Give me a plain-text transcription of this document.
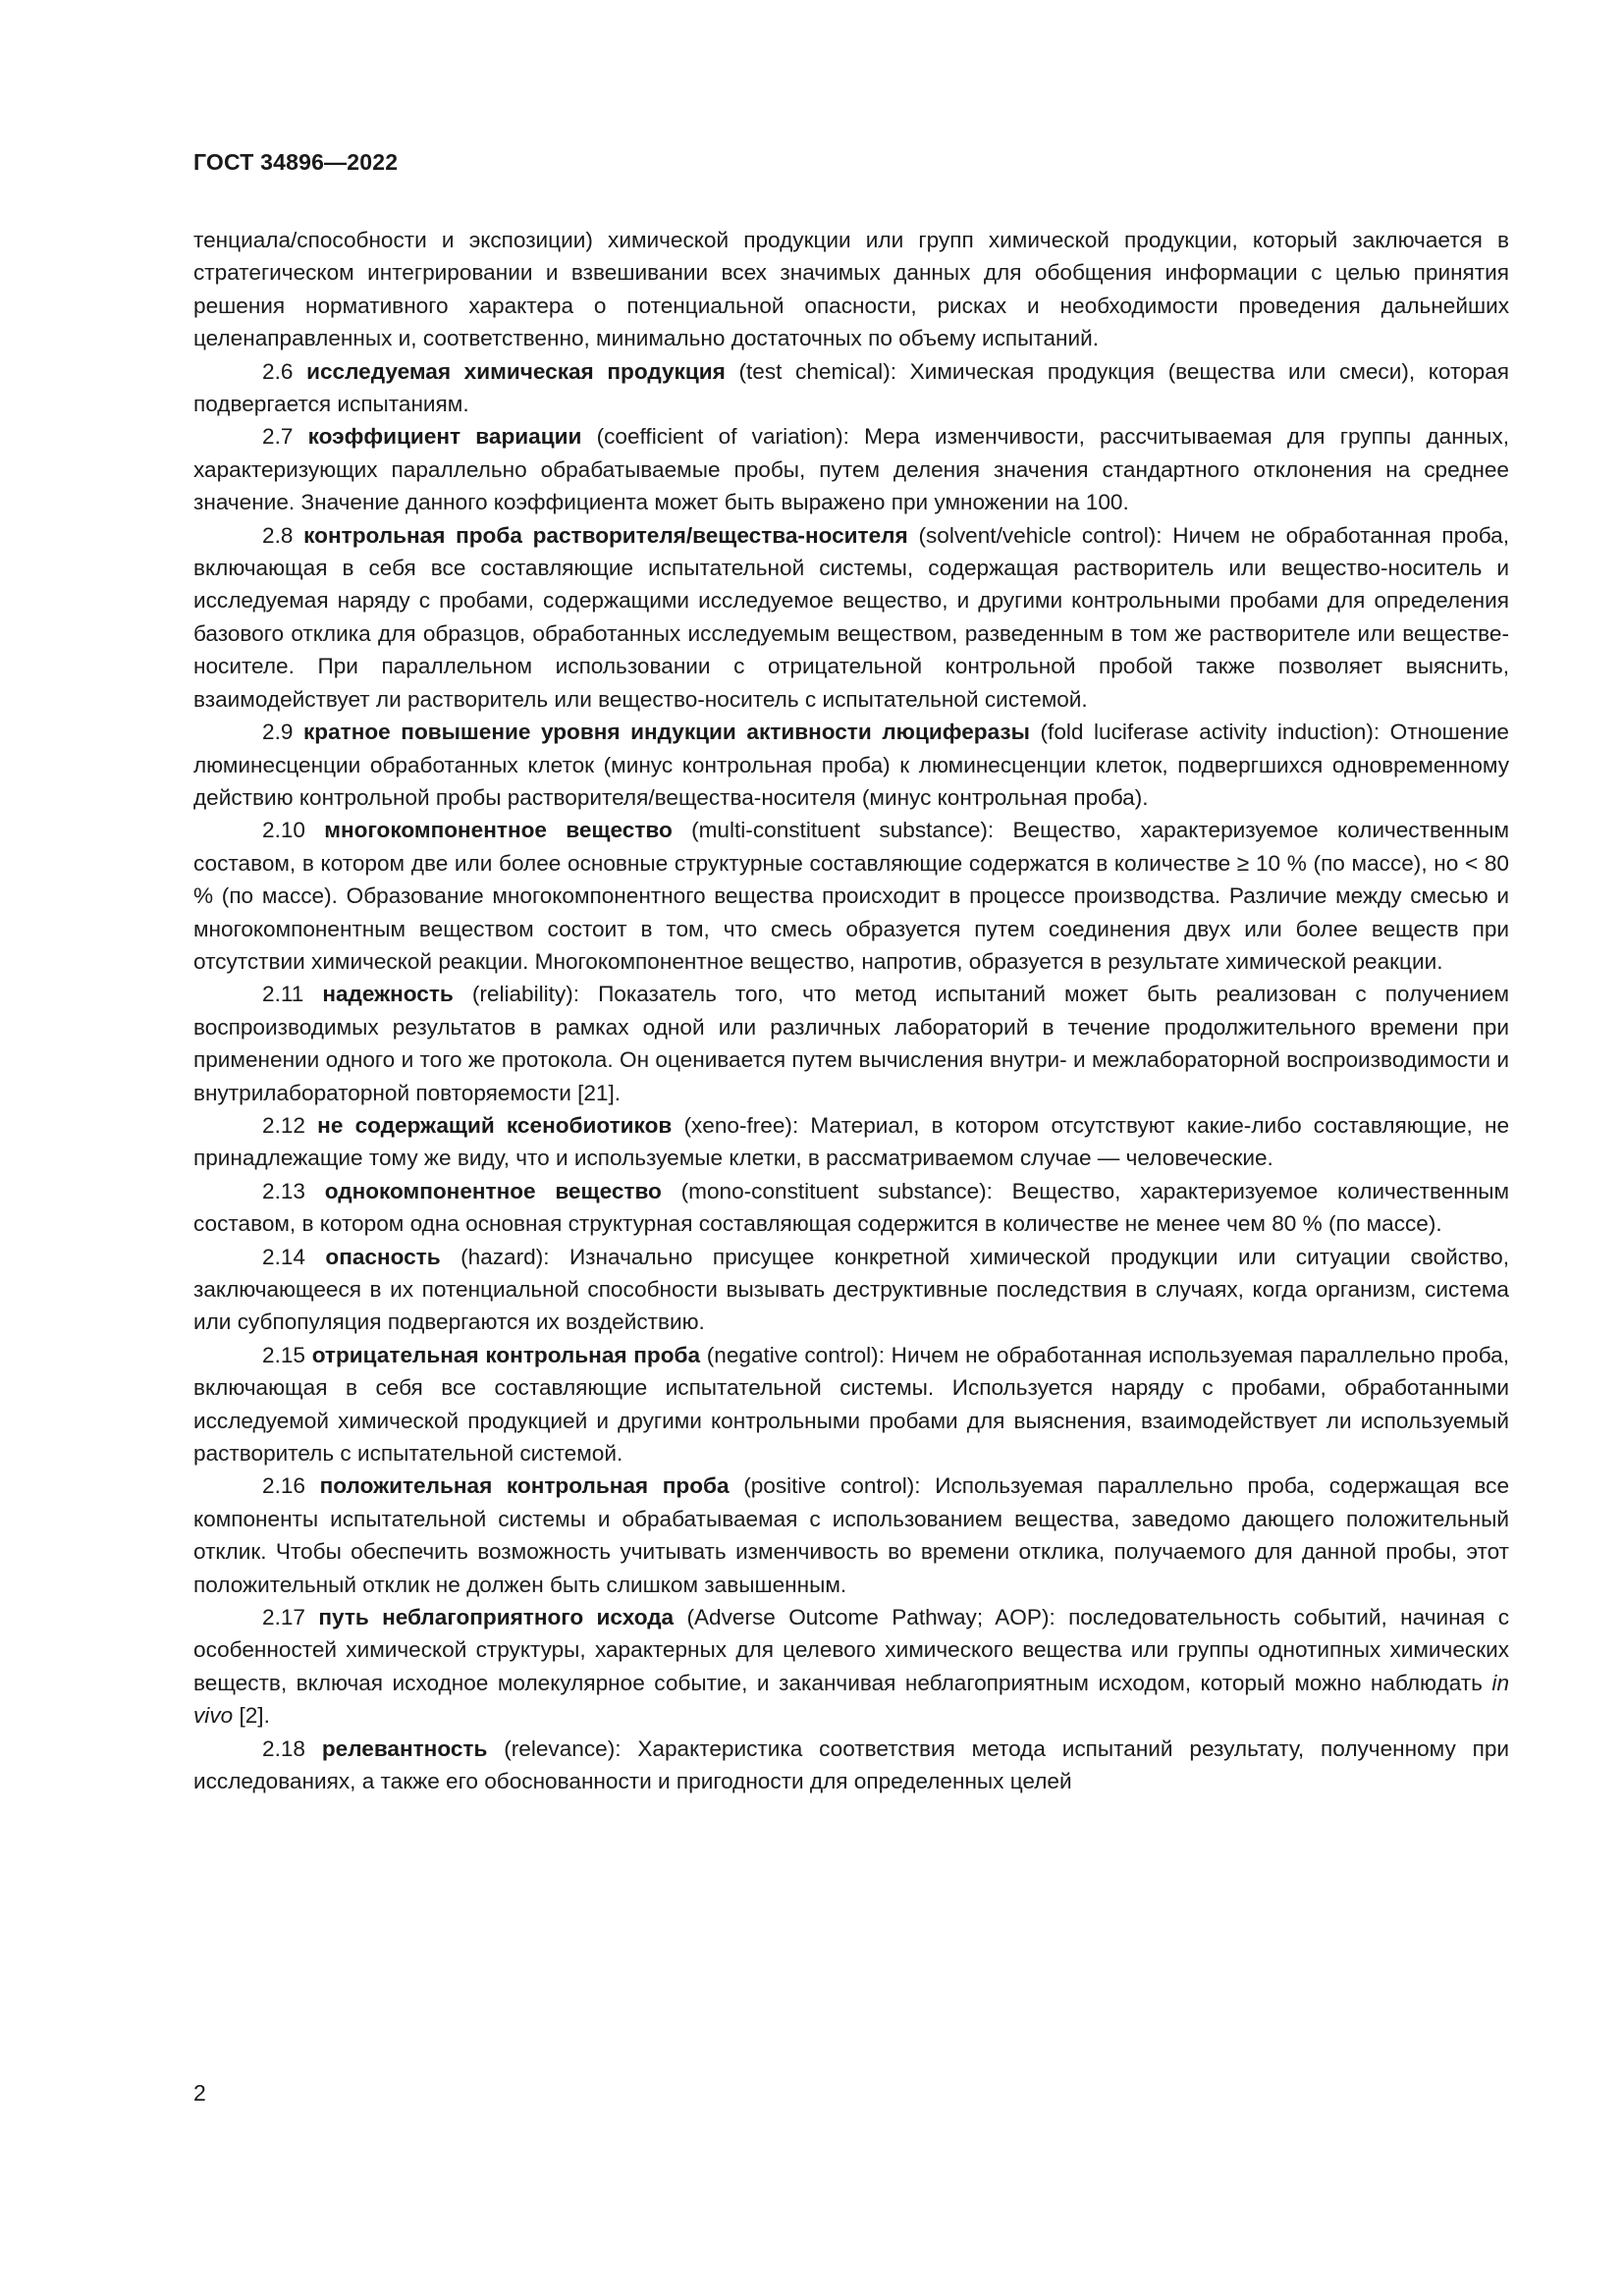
ГОСТ 34896—2022

тенциала/способности и экспозиции) химической продукции или групп химической продукции, который заключается в стратегическом интегрировании и взвешивании всех значимых данных для обобщения информации с целью принятия решения нормативного характера о потенциальной опасности, рисках и необходимости проведения дальнейших целенаправленных и, соответственно, минимально достаточных по объему испытаний.

2.6 исследуемая химическая продукция (test chemical): Химическая продукция (вещества или смеси), которая подвергается испытаниям.

2.7 коэффициент вариации (coefficient of variation): Мера изменчивости, рассчитываемая для группы данных, характеризующих параллельно обрабатываемые пробы, путем деления значения стандартного отклонения на среднее значение. Значение данного коэффициента может быть выражено при умножении на 100.

2.8 контрольная проба растворителя/вещества-носителя (solvent/vehicle control): Ничем не обработанная проба, включающая в себя все составляющие испытательной системы, содержащая растворитель или вещество-носитель и исследуемая наряду с пробами, содержащими исследуемое вещество, и другими контрольными пробами для определения базового отклика для образцов, обработанных исследуемым веществом, разведенным в том же растворителе или веществе-носителе. При параллельном использовании с отрицательной контрольной пробой также позволяет выяснить, взаимодействует ли растворитель или вещество-носитель с испытательной системой.

2.9 кратное повышение уровня индукции активности люциферазы (fold luciferase activity induction): Отношение люминесценции обработанных клеток (минус контрольная проба) к люминесценции клеток, подвергшихся одновременному действию контрольной пробы растворителя/вещества-носителя (минус контрольная проба).

2.10 многокомпонентное вещество (multi-constituent substance): Вещество, характеризуемое количественным составом, в котором две или более основные структурные составляющие содержатся в количестве ≥ 10 % (по массе), но < 80 % (по массе). Образование многокомпонентного вещества происходит в процессе производства. Различие между смесью и многокомпонентным веществом состоит в том, что смесь образуется путем соединения двух или более веществ при отсутствии химической реакции. Многокомпонентное вещество, напротив, образуется в результате химической реакции.

2.11 надежность (reliability): Показатель того, что метод испытаний может быть реализован с получением воспроизводимых результатов в рамках одной или различных лабораторий в течение продолжительного времени при применении одного и того же протокола. Он оценивается путем вычисления внутри- и межлабораторной воспроизводимости и внутрилабораторной повторяемости [21].

2.12 не содержащий ксенобиотиков (xeno-free): Материал, в котором отсутствуют какие-либо составляющие, не принадлежащие тому же виду, что и используемые клетки, в рассматриваемом случае — человеческие.

2.13 однокомпонентное вещество (mono-constituent substance): Вещество, характеризуемое количественным составом, в котором одна основная структурная составляющая содержится в количестве не менее чем 80 % (по массе).

2.14 опасность (hazard): Изначально присущее конкретной химической продукции или ситуации свойство, заключающееся в их потенциальной способности вызывать деструктивные последствия в случаях, когда организм, система или субпопуляция подвергаются их воздействию.

2.15 отрицательная контрольная проба (negative control): Ничем не обработанная используемая параллельно проба, включающая в себя все составляющие испытательной системы. Используется наряду с пробами, обработанными исследуемой химической продукцией и другими контрольными пробами для выяснения, взаимодействует ли используемый растворитель с испытательной системой.

2.16 положительная контрольная проба (positive control): Используемая параллельно проба, содержащая все компоненты испытательной системы и обрабатываемая с использованием вещества, заведомо дающего положительный отклик. Чтобы обеспечить возможность учитывать изменчивость во времени отклика, получаемого для данной пробы, этот положительный отклик не должен быть слишком завышенным.

2.17 путь неблагоприятного исхода (Adverse Outcome Pathway; AOP): последовательность событий, начиная с особенностей химической структуры, характерных для целевого химического вещества или группы однотипных химических веществ, включая исходное молекулярное событие, и заканчивая неблагоприятным исходом, который можно наблюдать in vivo [2].

2.18 релевантность (relevance): Характеристика соответствия метода испытаний результату, полученному при исследованиях, а также его обоснованности и пригодности для определенных целей

2
